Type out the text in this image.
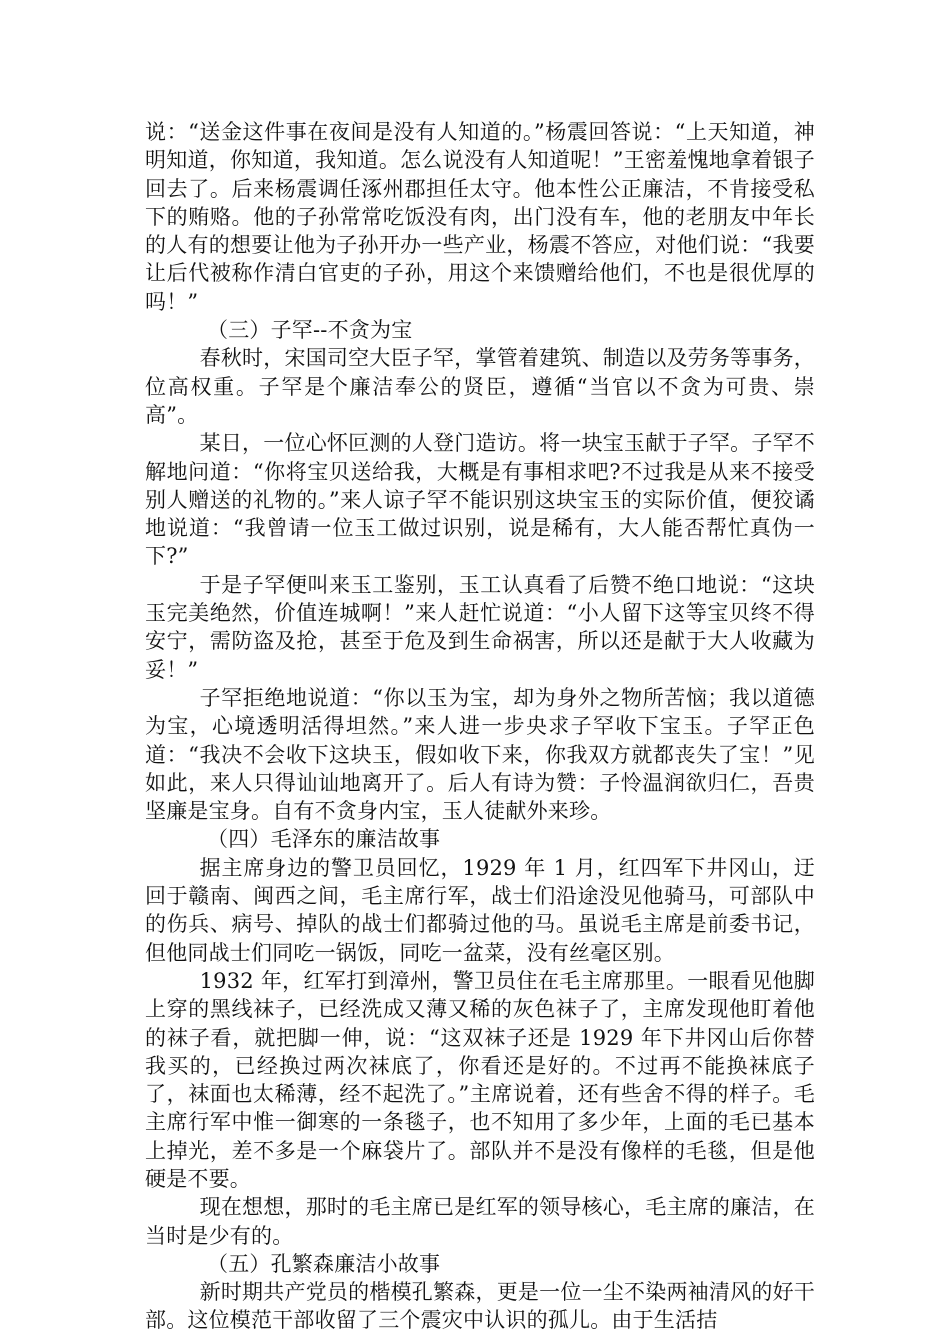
说：“送金这件事在夜间是没有人知道的。”杨震回答说：“上天知道，神明知道，你知道，我知道。怎么说没有人知道呢！”王密羞愧地拿着银子回去了。后来杨震调任涿州郡担任太守。他本性公正廉洁，不肯接受私下的贿赂。他的子孙常常吃饭没有肉，出门没有车，他的老朋友中年长的人有的想要让他为子孙开办一些产业，杨震不答应，对他们说：“我要让后代被称作清白官吏的子孙，用这个来馈赠给他们，不也是很优厚的吗！”

（三）子罕--不贪为宝

春秋时，宋国司空大臣子罕，掌管着建筑、制造以及劳务等事务，位高权重。子罕是个廉洁奉公的贤臣，遵循“当官以不贪为可贵、崇高”。

某日，一位心怀叵测的人登门造访。将一块宝玉献于子罕。子罕不解地问道：“你将宝贝送给我，大概是有事相求吧?不过我是从来不接受别人赠送的礼物的。”来人谅子罕不能识别这块宝玉的实际价值，便狡谲地说道：“我曾请一位玉工做过识别，说是稀有，大人能否帮忙真伪一下?”

于是子罕便叫来玉工鉴别，玉工认真看了后赞不绝口地说：“这块玉完美绝然，价值连城啊！”来人赶忙说道：“小人留下这等宝贝终不得安宁，需防盗及抢，甚至于危及到生命祸害，所以还是献于大人收藏为妥！”

子罕拒绝地说道：“你以玉为宝，却为身外之物所苦恼；我以道德为宝，心境透明活得坦然。”来人进一步央求子罕收下宝玉。子罕正色道：“我决不会收下这块玉，假如收下来，你我双方就都丧失了宝！”见如此，来人只得讪讪地离开了。后人有诗为赞：子怜温润欲归仁，吾贵坚廉是宝身。自有不贪身内宝，玉人徒献外来珍。

（四）毛泽东的廉洁故事

据主席身边的警卫员回忆，1929 年 1 月，红四军下井冈山，迂回于赣南、闽西之间，毛主席行军，战士们沿途没见他骑马，可部队中的伤兵、病号、掉队的战士们都骑过他的马。虽说毛主席是前委书记，但他同战士们同吃一锅饭，同吃一盆菜，没有丝毫区别。

1932 年，红军打到漳州，警卫员住在毛主席那里。一眼看见他脚上穿的黑线袜子，已经洗成又薄又稀的灰色袜子了，主席发现他盯着他的袜子看，就把脚一伸，说：“这双袜子还是 1929 年下井冈山后你替我买的，已经换过两次袜底了，你看还是好的。不过再不能换袜底子了，袜面也太稀薄，经不起洗了。”主席说着，还有些舍不得的样子。毛主席行军中惟一御寒的一条毯子，也不知用了多少年，上面的毛已基本上掉光，差不多是一个麻袋片了。部队并不是没有像样的毛毯，但是他硬是不要。

现在想想，那时的毛主席已是红军的领导核心，毛主席的廉洁，在当时是少有的。

（五）孔繁森廉洁小故事

新时期共产党员的楷模孔繁森，更是一位一尘不染两袖清风的好干部。这位模范干部收留了三个震灾中认识的孤儿。由于生活拮
